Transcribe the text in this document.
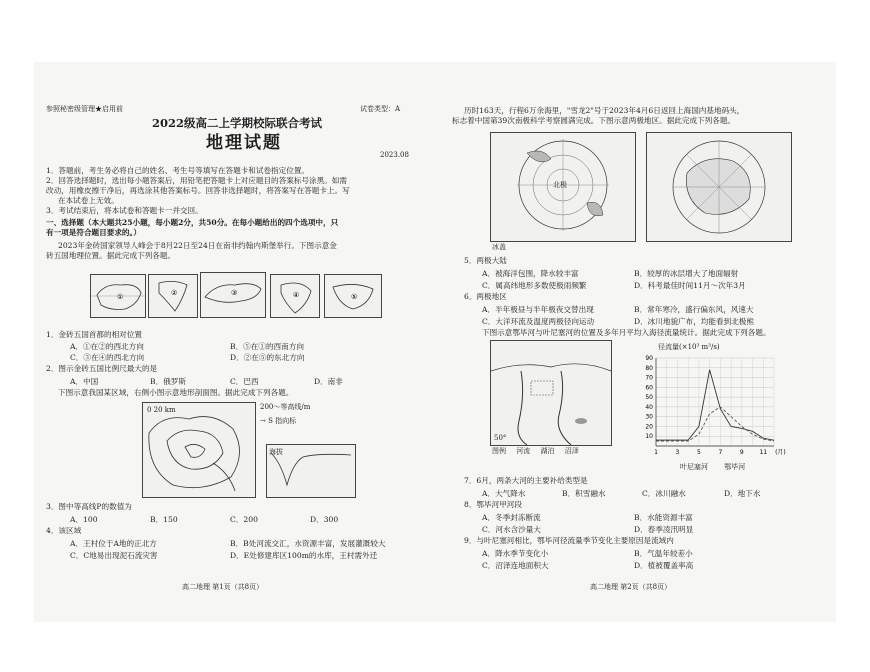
参照秘密级管理★启用前	试卷类型：A
2022级高二上学期校际联合考试
地理试题
2023.08
1．答题前，考生务必将自己的姓名、考生号等填写在答题卡和试卷指定位置。
2．回答选择题时，选出每小题答案后，用铅笔把答题卡上对应题目的答案标号涂黑。如需
改动，用橡皮擦干净后，再选涂其他答案标号。回答非选择题时，将答案写在答题卡上。写
在本试卷上无效。
3．考试结束后，将本试卷和答题卡一并交回。
一、选择题（本大题共25小题，每小题2分，共50分。在每小题给出的四个选项中，只
有一项是符合题目要求的。）
2023年金砖国家领导人峰会于8月22日至24日在南非约翰内斯堡举行。下图示意金
砖五国地理位置。据此完成下列各题。
①	②	③	④	⑤
1．金砖五国首都的相对位置
A．①在②的西北方向	B．⑤在①的西南方向
C．③在④的西北方向	D．②在⑤的东北方向
2．图示金砖五国比例尺最大的是
A．中国	B．俄罗斯	C．巴西	D．南非
下图示意我国某区域，右侧小图示意地形剖面图。据此完成下列各题。
0 20 km	200～等高线/m
→ S 指向标
海拔
3．图中等高线P的数值为
A．100	B．150	C．200	D．300
4．该区域
A．王村位于A地的正北方	B．B处河流交汇，水资源丰富，发展灌溉较大
C．C地易出现泥石流灾害	D．E处修建库区100m的水库，王村需外迁
高二地理 第1页（共8页）
历时163天，行程6万余海里，"雪龙2"号于2023年4月6日返回上海国内基地码头，
标志着中国第39次南极科学考察圆满完成。下图示意两极地区。据此完成下列各题。
北极
冰盖
5．两极大陆
A．被海洋包围，降水较丰富	B．较厚的冰层增大了地面辐射
C．属高纬地形多数使极雨频繁	D．科考最佳时间11月～次年3月
6．两极地区
A．半年极昼与半年极夜交替出现	B．常年寒冷，盛行偏东风，风速大
C．大洋环流及温度两极径向运动	D．冰川地貌广布，均能看到北极熊
下图示意鄂毕河与叶尼塞河的位置及多年月平均入海径流量统计。据此完成下列各题。
50°
图例 河流 湖泊 沼泽
径流量(×10³ m³/s)
90
80
70
60
50
40
30
20
10
1	3	5	7	9	11 (月)
叶尼塞河 鄂毕河
7．6月，两条大河的主要补给类型是
A．大气降水	B．积雪融水	C．冰川融水	D．地下水
8．鄂毕河甲河段
A．冬季封冻断流	B．水能资源丰富
C．河水含沙量大	D．春季凌汛明显
9．与叶尼塞河相比，鄂毕河径流量季节变化主要原因是流域内
A．降水季节变化小	B．气温年较差小
C．沼泽连地面积大	D．植被覆盖率高
高二地理 第2页（共8页）
